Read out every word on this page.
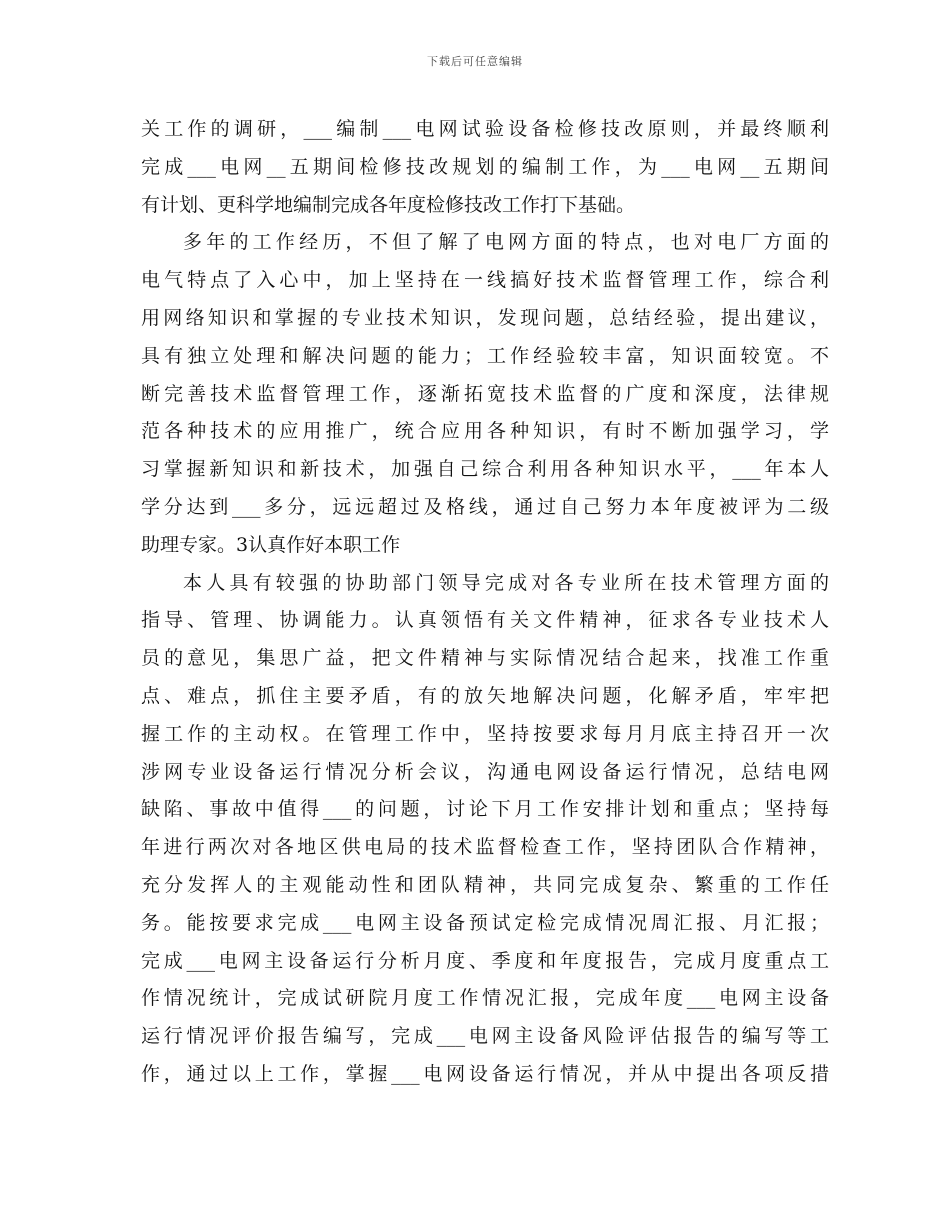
下载后可任意编辑
关工作的调研，___编制___电网试验设备检修技改原则，并最终顺利
完成___电网__五期间检修技改规划的编制工作，为___电网__五期间
有计划、更科学地编制完成各年度检修技改工作打下基础。
多年的工作经历，不但了解了电网方面的特点，也对电厂方面的
电气特点了入心中，加上坚持在一线搞好技术监督管理工作，综合利
用网络知识和掌握的专业技术知识，发现问题，总结经验，提出建议，
具有独立处理和解决问题的能力；工作经验较丰富，知识面较宽。不
断完善技术监督管理工作，逐渐拓宽技术监督的广度和深度，法律规
范各种技术的应用推广，统合应用各种知识，有时不断加强学习，学
习掌握新知识和新技术，加强自己综合利用各种知识水平，___年本人
学分达到___多分，远远超过及格线，通过自己努力本年度被评为二级
助理专家。3认真作好本职工作
本人具有较强的协助部门领导完成对各专业所在技术管理方面的
指导、管理、协调能力。认真领悟有关文件精神，征求各专业技术人
员的意见，集思广益，把文件精神与实际情况结合起来，找准工作重
点、难点，抓住主要矛盾，有的放矢地解决问题，化解矛盾，牢牢把
握工作的主动权。在管理工作中，坚持按要求每月月底主持召开一次
涉网专业设备运行情况分析会议，沟通电网设备运行情况，总结电网
缺陷、事故中值得___的问题，讨论下月工作安排计划和重点；坚持每
年进行两次对各地区供电局的技术监督检查工作，坚持团队合作精神，
充分发挥人的主观能动性和团队精神，共同完成复杂、繁重的工作任
务。能按要求完成___电网主设备预试定检完成情况周汇报、月汇报；
完成___电网主设备运行分析月度、季度和年度报告，完成月度重点工
作情况统计，完成试研院月度工作情况汇报，完成年度___电网主设备
运行情况评价报告编写，完成___电网主设备风险评估报告的编写等工
作，通过以上工作，掌握___电网设备运行情况，并从中提出各项反措
